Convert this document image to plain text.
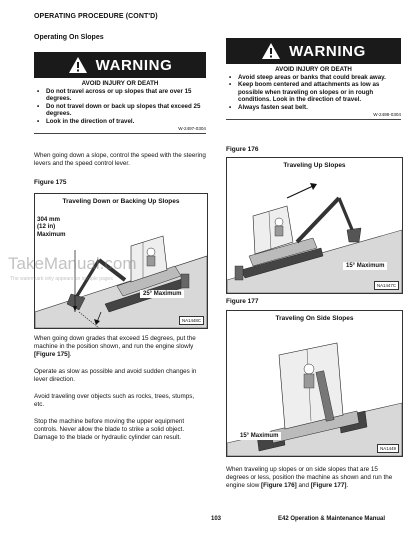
OPERATING PROCEDURE (CONT'D)
Operating On Slopes
WARNING
AVOID INJURY OR DEATH
• Do not travel across or up slopes that are over 15 degrees.
• Do not travel down or back up slopes that exceed 25 degrees.
• Look in the direction of travel.
W-2497-0304
When going down a slope, control the speed with the steering levers and the speed control lever.
Figure 175
Traveling Down or Backing Up Slopes
304 mm
(12 in)
Maximum
25° Maximum
NA1448C
When going down grades that exceed 15 degrees, put the machine in the position shown, and run the engine slowly [Figure 175].
Operate as slow as possible and avoid sudden changes in lever direction.
Avoid traveling over objects such as rocks, trees, stumps, etc.
Stop the machine before moving the upper equipment controls. Never allow the blade to strike a solid object. Damage to the blade or hydraulic cylinder can result.
WARNING
AVOID INJURY OR DEATH
• Avoid steep areas or banks that could break away.
• Keep boom centered and attachments as low as possible when traveling on slopes or in rough conditions. Look in the direction of travel.
• Always fasten seat belt.
W-2498-0304
Figure 176
Traveling Up Slopes
15° Maximum
NA1447C
Figure 177
Traveling On Side Slopes
15° Maximum
NA1449
When traveling up slopes or on side slopes that are 15 degrees or less, position the machine as shown and run the engine slow [Figure 176] and [Figure 177].
TakeManual.com
The watermark only appears on sample pages
103	E42 Operation & Maintenance Manual
